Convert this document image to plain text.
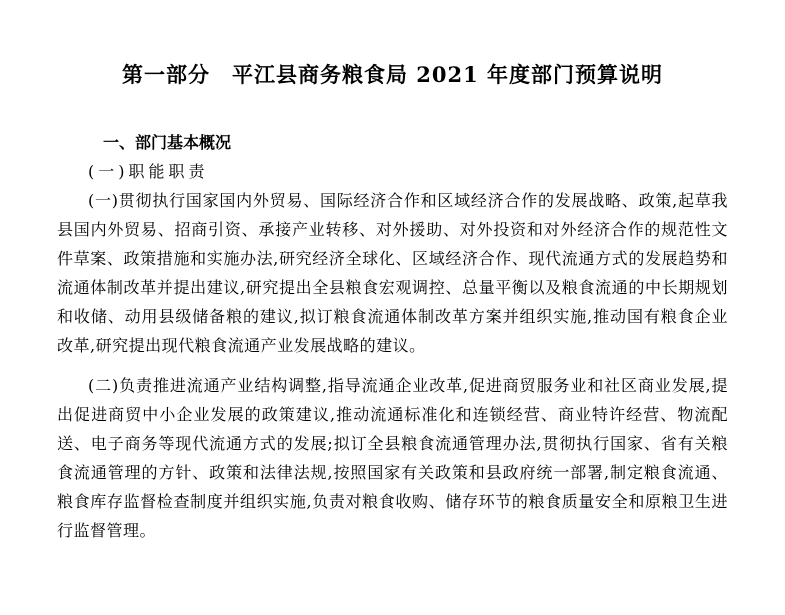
第一部分　平江县商务粮食局 2021 年度部门预算说明
一、部门基本概况
(一)职能职责

(一)贯彻执行国家国内外贸易、国际经济合作和区域经济合作的发展战略、政策,起草我县国内外贸易、招商引资、承接产业转移、对外援助、对外投资和对外经济合作的规范性文件草案、政策措施和实施办法,研究经济全球化、区域经济合作、现代流通方式的发展趋势和流通体制改革并提出建议,研究提出全县粮食宏观调控、总量平衡以及粮食流通的中长期规划和收储、动用县级储备粮的建议,拟订粮食流通体制改革方案并组织实施,推动国有粮食企业改革,研究提出现代粮食流通产业发展战略的建议。

(二)负责推进流通产业结构调整,指导流通企业改革,促进商贸服务业和社区商业发展,提出促进商贸中小企业发展的政策建议,推动流通标准化和连锁经营、商业特许经营、物流配送、电子商务等现代流通方式的发展;拟订全县粮食流通管理办法,贯彻执行国家、省有关粮食流通管理的方针、政策和法律法规,按照国家有关政策和县政府统一部署,制定粮食流通、粮食库存监督检查制度并组织实施,负责对粮食收购、储存环节的粮食质量安全和原粮卫生进行监督管理。
